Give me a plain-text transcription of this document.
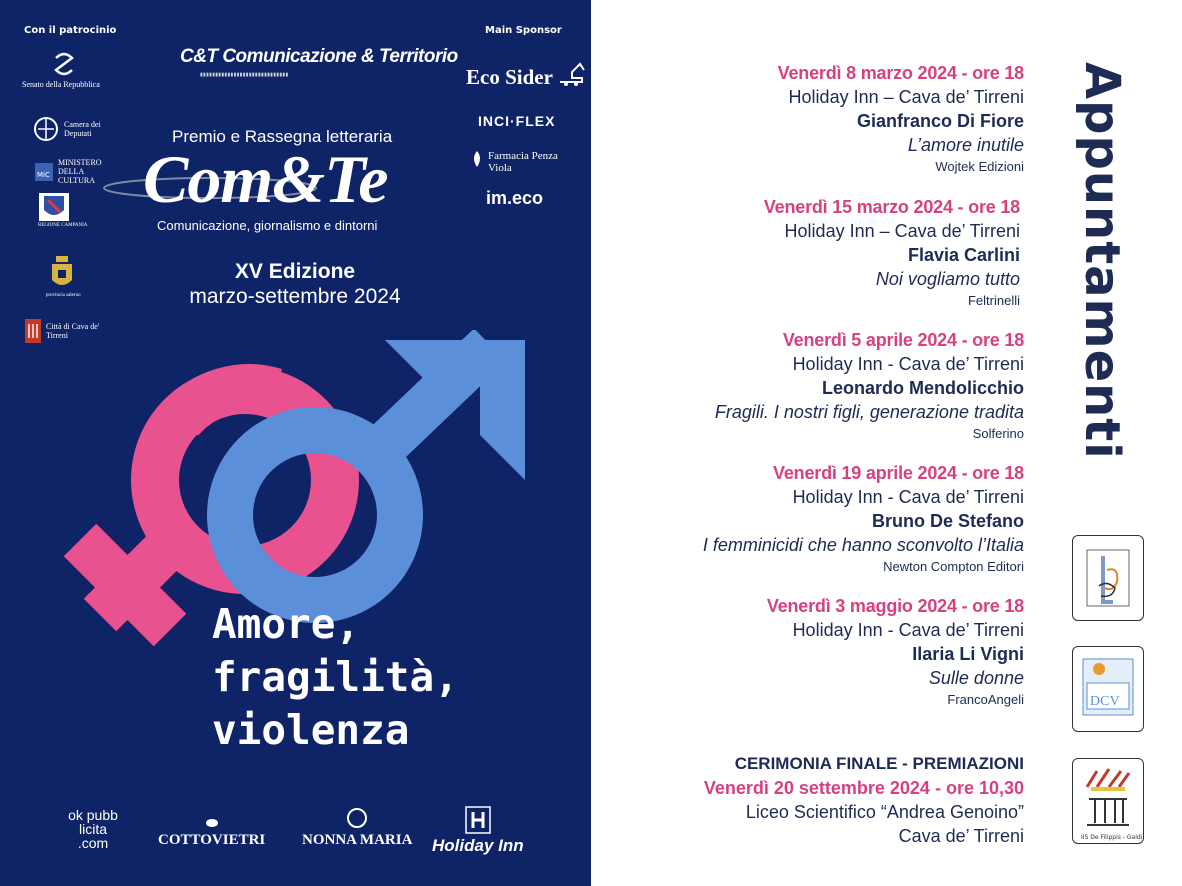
Con il patrocinio	Main Sponsor
Senato della Repubblica
Camera dei Deputati
MiC
MINISTERO DELLA CULTURA
REGIONE CAMPANIA
provincia salerno
Città di Cava de' Tirreni
C&T Comunicazione & Territorio
▮▮▮▮▮▮▮▮▮▮▮▮▮▮▮▮▮▮▮▮▮▮▮▮▮▮▮▮▮
Premio e Rassegna letteraria
Com&Te
Comunicazione, giornalismo e dintorni
XV Edizione
marzo-settembre 2024
Eco Sider
INCI·FLEX
Farmacia Penza Viola
im.eco
Amore,
fragilità,
violenza
ok pubb licita .com	COTTOVIETRI NONNA MARIA Holiday Inn
Venerdì 8 marzo 2024 - ore 18
Holiday Inn – Cava de’ Tirreni
Gianfranco Di Fiore
L’amore inutile
Wojtek Edizioni
Venerdì 15 marzo 2024 - ore 18
Holiday Inn – Cava de’ Tirreni
Flavia Carlini
Noi vogliamo tutto
Feltrinelli
Venerdì 5 aprile 2024 - ore 18
Holiday Inn - Cava de’ Tirreni
Leonardo Mendolicchio
Fragili. I nostri figli, generazione tradita
Solferino
Venerdì 19 aprile 2024 - ore 18
Holiday Inn - Cava de’ Tirreni
Bruno De Stefano
I femminicidi che hanno sconvolto l’Italia
Newton Compton Editori
Venerdì 3 maggio 2024 - ore 18
Holiday Inn - Cava de’ Tirreni
Ilaria Li Vigni
Sulle donne
FrancoAngeli
CERIMONIA FINALE - PREMIAZIONI
Venerdì 20 settembre 2024 - ore 10,30
Liceo Scientifico “Andrea Genoino”
Cava de’ Tirreni
Appuntamenti
DCV
IIS De Filippis - Galdi
